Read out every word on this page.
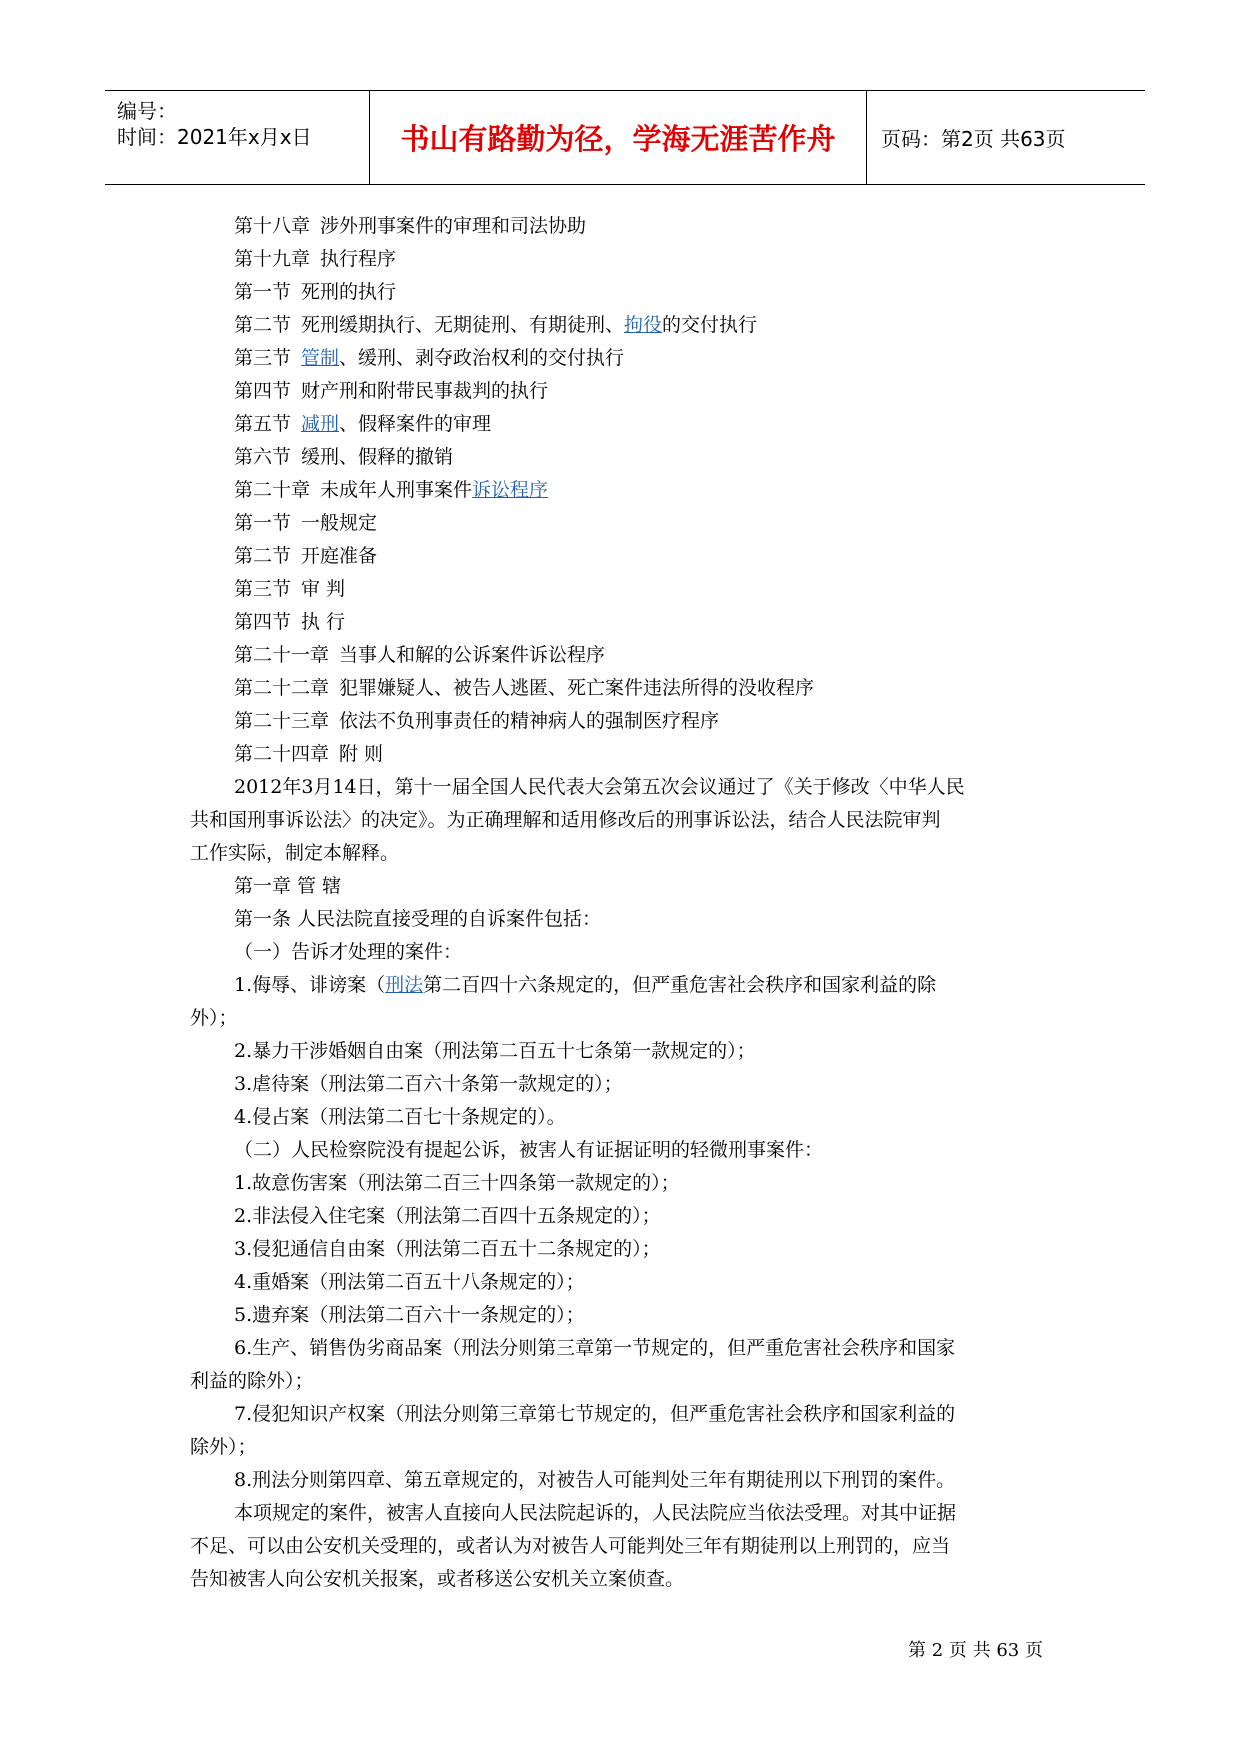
编号：
时间：2021年x月x日	书山有路勤为径，学海无涯苦作舟	页码：第2页 共63页
第十八章 涉外刑事案件的审理和司法协助
第十九章 执行程序
第一节 死刑的执行
第二节 死刑缓期执行、无期徒刑、有期徒刑、拘役的交付执行
第三节 管制、缓刑、剥夺政治权利的交付执行
第四节 财产刑和附带民事裁判的执行
第五节 减刑、假释案件的审理
第六节 缓刑、假释的撤销
第二十章 未成年人刑事案件诉讼程序
第一节 一般规定
第二节 开庭准备
第三节 审 判
第四节 执 行
第二十一章 当事人和解的公诉案件诉讼程序
第二十二章 犯罪嫌疑人、被告人逃匿、死亡案件违法所得的没收程序
第二十三章 依法不负刑事责任的精神病人的强制医疗程序
第二十四章 附 则
2012年3月14日，第十一届全国人民代表大会第五次会议通过了《关于修改〈中华人民
共和国刑事诉讼法〉的决定》。为正确理解和适用修改后的刑事诉讼法，结合人民法院审判
工作实际，制定本解释。
第一章 管 辖
第一条 人民法院直接受理的自诉案件包括：
（一）告诉才处理的案件：
1.侮辱、诽谤案（刑法第二百四十六条规定的，但严重危害社会秩序和国家利益的除
外）；
2.暴力干涉婚姻自由案（刑法第二百五十七条第一款规定的）；
3.虐待案（刑法第二百六十条第一款规定的）；
4.侵占案（刑法第二百七十条规定的）。
（二）人民检察院没有提起公诉，被害人有证据证明的轻微刑事案件：
1.故意伤害案（刑法第二百三十四条第一款规定的）；
2.非法侵入住宅案（刑法第二百四十五条规定的）；
3.侵犯通信自由案（刑法第二百五十二条规定的）；
4.重婚案（刑法第二百五十八条规定的）；
5.遗弃案（刑法第二百六十一条规定的）；
6.生产、销售伪劣商品案（刑法分则第三章第一节规定的，但严重危害社会秩序和国家
利益的除外）；
7.侵犯知识产权案（刑法分则第三章第七节规定的，但严重危害社会秩序和国家利益的
除外）；
8.刑法分则第四章、第五章规定的，对被告人可能判处三年有期徒刑以下刑罚的案件。
本项规定的案件，被害人直接向人民法院起诉的，人民法院应当依法受理。对其中证据
不足、可以由公安机关受理的，或者认为对被告人可能判处三年有期徒刑以上刑罚的，应当
告知被害人向公安机关报案，或者移送公安机关立案侦查。
第 2 页 共 63 页
